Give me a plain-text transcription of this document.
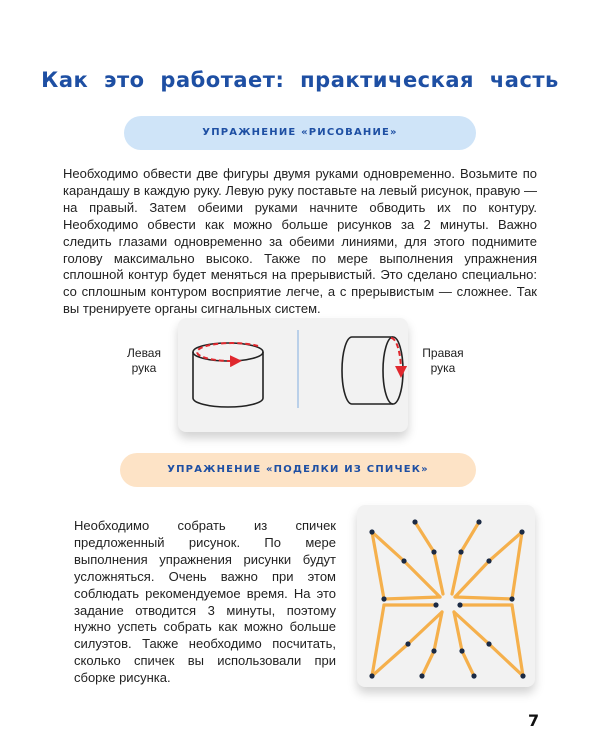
Как это работает: практическая часть
УПРАЖНЕНИЕ «РИСОВАНИЕ»

Необходимо обвести две фигуры двумя руками одновременно. Возьмите по карандашу в каждую руку. Левую руку поставьте на левый рисунок, правую — на правый. Затем обеими руками начните обводить их по контуру. Необходимо обвести как можно больше рисунков за 2 минуты. Важно следить глазами одновременно за обеими линиями, для этого поднимите голову максимально высоко. Также по мере выполнения упражнения сплошной контур будет меняться на прерывистый. Это сделано специально: со сплошным контуром восприятие легче, а с прерывистым — сложнее. Так вы тренируете органы сигнальных систем.

Левая рука
Правая рука
УПРАЖНЕНИЕ «ПОДЕЛКИ ИЗ СПИЧЕК»

Необходимо собрать из спичек предложенный рисунок. По мере выполнения упражнения рисунки будут усложняться. Очень важно при этом соблюдать рекомендуемое время. На это задание отводится 3 минуты, поэтому нужно успеть собрать как можно больше силуэтов. Также необходимо посчитать, сколько спичек вы использовали при сборке рисунка.

7
